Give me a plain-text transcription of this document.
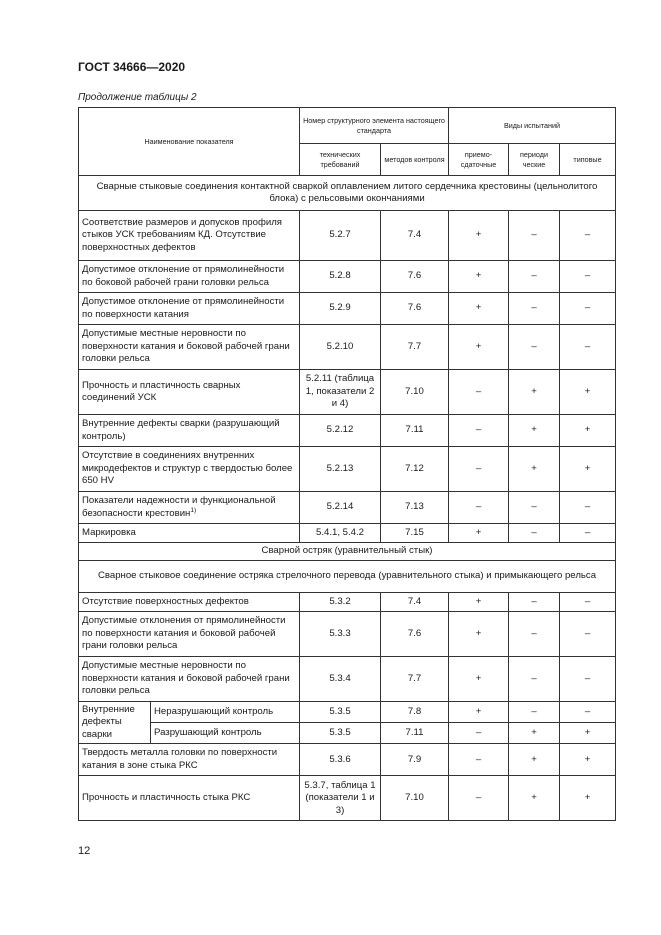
ГОСТ 34666—2020
Продолжение таблицы 2
Наименование показателя		Номер структурного элемента настоящего стандарта		Виды испытаний		
		технических требований	методов контроля	приемо-сдаточные	периоди ческие	типовые
Сварные стыковые соединения контактной сваркой оплавлением литого сердечника крестовины (цельнолитого блока) с рельсовыми окончаниями						
Соответствие размеров и допусков профиля стыков УСК требованиям КД. Отсутствие поверхностных дефектов		5.2.7	7.4	+	–	–
Допустимое отклонение от прямолинейности по боковой рабочей грани головки рельса		5.2.8	7.6	+	–	–
Допустимое отклонение от прямолинейности по поверхности катания		5.2.9	7.6	+	–	–
Допустимые местные неровности по поверхности катания и боковой рабочей грани головки рельса		5.2.10	7.7	+	–	–
Прочность и пластичность сварных соединений УСК		5.2.11 (таблица 1, показатели 2 и 4)	7.10	–	+	+
Внутренние дефекты сварки (разрушающий контроль)		5.2.12	7.11	–	+	+
Отсутствие в соединениях внутренних микродефектов и структур с твердостью более 650 HV		5.2.13	7.12	–	+	+
Показатели надежности и функциональной безопасности крестовин$^{1)}$		5.2.14	7.13	–	–	–
Маркировка		5.4.1, 5.4.2	7.15	+	–	–
Сварной остряк (уравнительный стык)						
Сварное стыковое соединение остряка стрелочного перевода (уравнительного стыка) и примыкающего рельса						
Отсутствие поверхностных дефектов		5.3.2	7.4	+	–	–
Допустимые отклонения от прямолинейности по поверхности катания и боковой рабочей грани головки рельса		5.3.3	7.6	+	–	–
Допустимые местные неровности по поверхности катания и боковой рабочей грани головки рельса		5.3.4	7.7	+	–	–
Внутренние дефекты сварки	Неразрушающий контроль	5.3.5	7.8	+	–	–
	Разрушающий контроль	5.3.5	7.11	–	+	+
Твердость металла головки по поверхности катания в зоне стыка РКС		5.3.6	7.9	–	+	+
Прочность и пластичность стыка РКС		5.3.7, таблица 1 (показатели 1 и 3)	7.10	–	+	+
12
